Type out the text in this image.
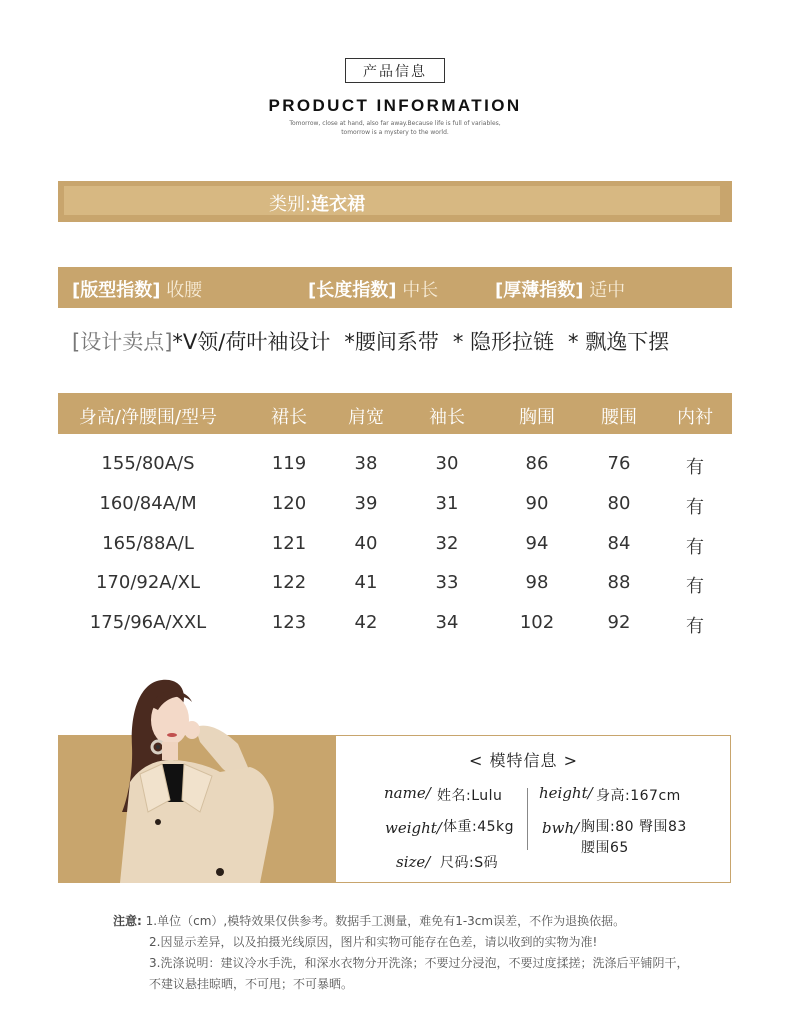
产品信息
PRODUCT INFORMATION
Tomorrow, close at hand, also far away.Because life is full of variables,
tomorrow is a mystery to the world.
类别:连衣裙
[版型指数] 收腰	[长度指数] 中长	[厚薄指数] 适中
[设计卖点]*V领/荷叶袖设计 *腰间系带 * 隐形拉链 * 飘逸下摆
身高/净腰围/型号	裙长	肩宽	袖长	胸围	腰围	内衬
155/80A/S	119	38	30	86	76	有
160/84A/M	120	39	31	90	80	有
165/88A/L	121	40	32	94	84	有
170/92A/XL	122	41	33	98	88	有
175/96A/XXL	123	42	34	102	92	有
< 模特信息 >
name/ 姓名:Lulu
weight/ 体重:45kg
size/ 尺码:S码
height/ 身高:167cm
bwh/ 胸围:80 臀围83
腰围65
注意: 1.单位（cm）,模特效果仅供参考。数据手工测量，难免有1-3cm误差，不作为退换依据。
2.因显示差异，以及拍摄光线原因，图片和实物可能存在色差，请以收到的实物为准!
3.洗涤说明：建议冷水手洗，和深水衣物分开洗涤；不要过分浸泡，不要过度揉搓；洗涤后平铺阴干，
不建议悬挂晾晒，不可甩；不可暴晒。
